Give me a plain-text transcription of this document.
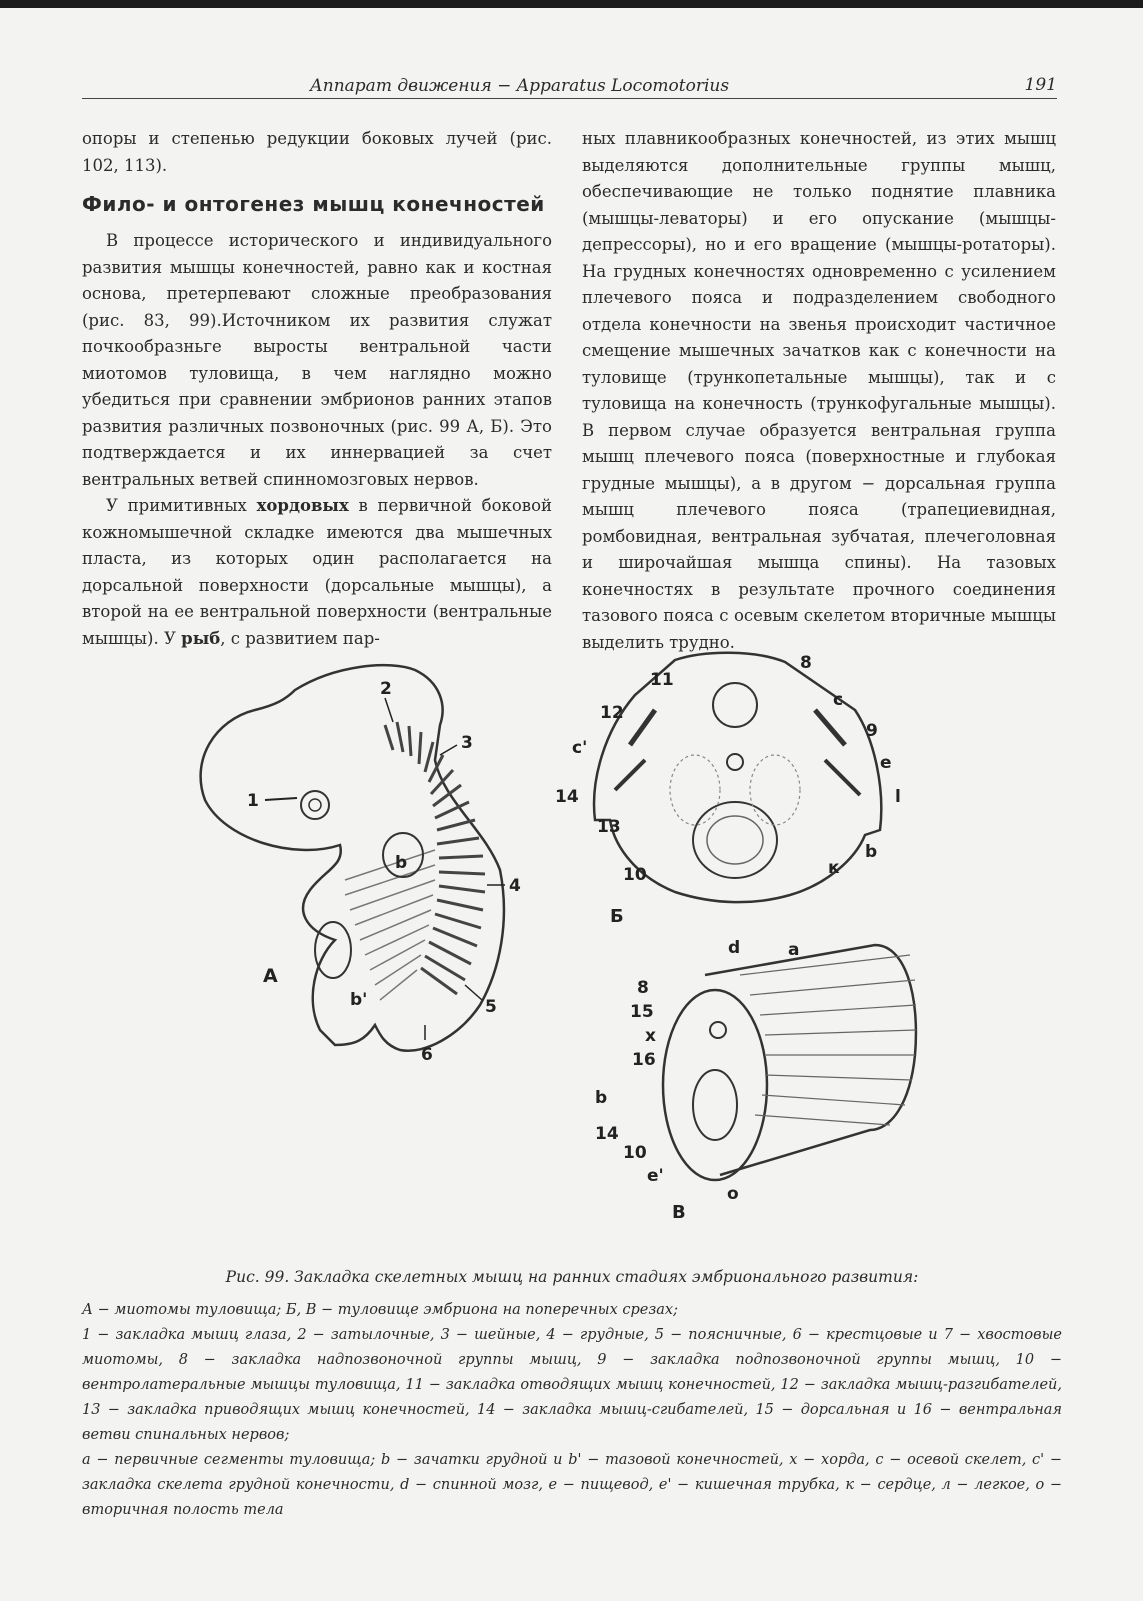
Аппарат движения − Apparatus Locomotorius	191

опоры и степенью редукции боковых лучей (рис. 102, 113).

Фило- и онтогенез мышц конечностей

В процессе исторического и индивидуального развития мышцы конечностей, равно как и костная основа, претерпевают сложные преобразования (рис. 83, 99).Источником их развития служат почкообразньге выросты вентральной части миотомов туловища, в чем наглядно можно убедиться при сравнении эмбрионов ранних этапов развития различных позвоночных (рис. 99 А, Б). Это подтверждается и их иннервацией за счет вентральных ветвей спинномозговых нервов.

У примитивных хордовых в первичной боковой кожномышечной складке имеются два мышечных пласта, из которых один располагается на дорсальной поверхности (дорсальные мышцы), а второй на ее вентральной поверхности (вентральные мышцы). У рыб, с развитием пар-

ных плавникообразных конечностей, из этих мышц выделяются дополнительные группы мышц, обеспечивающие не только поднятие плавника (мышцы-леваторы) и его опускание (мышцы-депрессоры), но и его вращение (мышцы-ротаторы). На грудных конечностях одновременно с усилением плечевого пояса и подразделением свободного отдела конечности на звенья происходит частичное смещение мышечных зачатков как с конечности на туловище (трункопетальные мышцы), так и с туловища на конечность (трункофугальные мышцы). В первом случае образуется вентральная группа мышц плечевого пояса (поверхностные и глубокая грудные мышцы), а в другом − дорсальная группа мышц плечевого пояса (трапециевидная, ромбовидная, вентральная зубчатая, плечеголовная и широчайшая мышца спины). На тазовых конечностях в результате прочного соединения тазового пояса с осевым скелетом вторичные мышцы выделить трудно.

1
2
3
4
5
6
b
b'
А
8
11
12
c
c'
9
e
14	l
13
b
10	к
Б
d	a
8
15
x
16
b
14
10
e'
o
В
Рис. 99. Закладка скелетных мышц на ранних стадиях эмбрионального развития:

А − миотомы туловища; Б, В − туловище эмбриона на поперечных срезах;

1 − закладка мышц глаза, 2 − затылочные, 3 − шейные, 4 − грудные, 5 − поясничные, 6 − крестцовые и 7 − хвостовые миотомы, 8 − закладка надпозвоночной группы мышц, 9 − закладка подпозвоночной группы мышц, 10 − вентролатеральные мышцы туловища, 11 − закладка отводящих мышц конечностей, 12 − закладка мышц-разгибателей, 13 − закладка приводящих мышц конечностей, 14 − закладка мышц-сгибателей, 15 − дорсальная и 16 − вентральная ветви спинальных нервов;

a − первичные сегменты туловища; b − зачатки грудной и b' − тазовой конечностей, x − хорда, c − осевой скелет, c' − закладка скелета грудной конечности, d − спинной мозг, e − пищевод, e' − кишечная трубка, к − сердце, л − легкое, o − вторичная полость тела
